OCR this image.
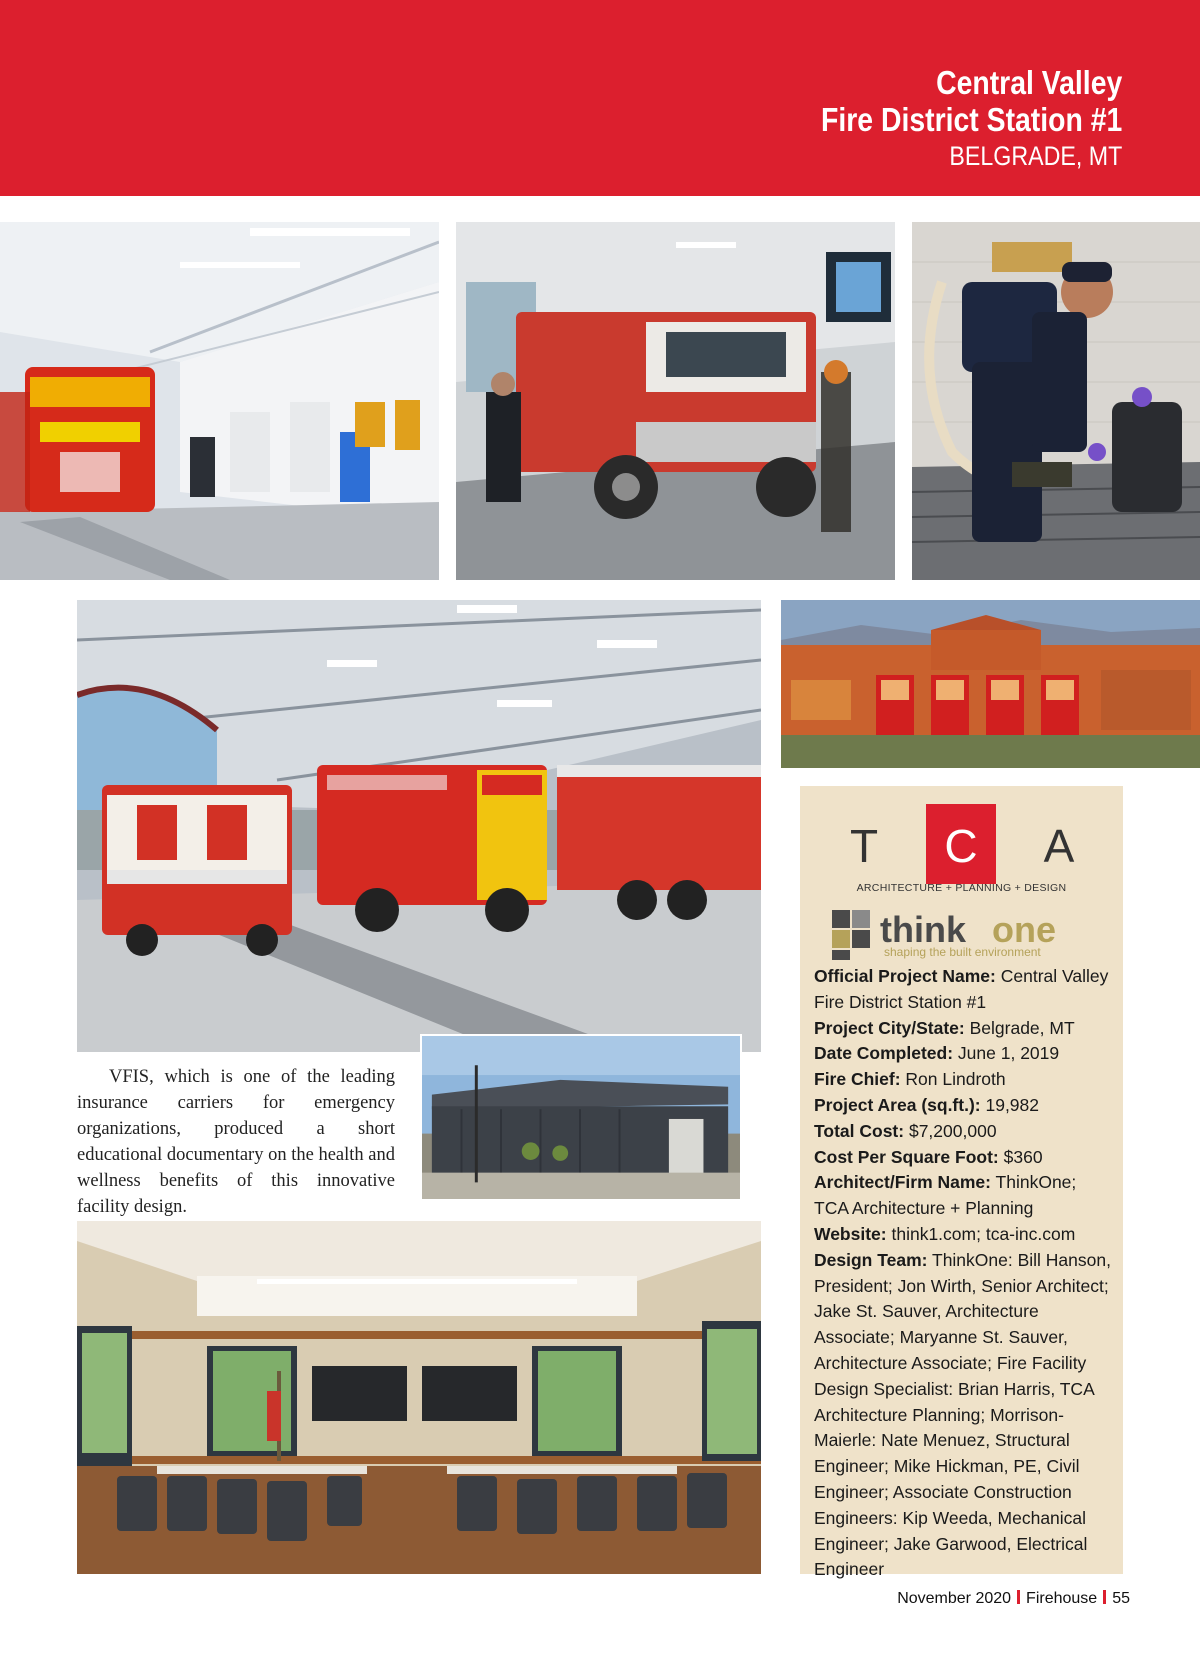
Central Valley
Fire District Station #1
BELGRADE, MT
VFIS, which is one of the leading insurance carriers for emergency organizations, produced a short educational documentary on the health and wellness benefits of this innovative facility design.
T C A
ARCHITECTURE + PLANNING + DESIGN
think one
shaping the built environment

Official Project Name: Central Valley Fire District Station #1

Project City/State: Belgrade, MT

Date Completed: June 1, 2019

Fire Chief: Ron Lindroth

Project Area (sq.ft.): 19,982

Total Cost: $7,200,000

Cost Per Square Foot: $360

Architect/Firm Name: ThinkOne; TCA Architecture + Planning

Website: think1.com; tca-inc.com

Design Team: ThinkOne: Bill Hanson, President; Jon Wirth, Senior Architect; Jake St. Sauver, Architecture Associate; Maryanne St. Sauver, Architecture Associate; Fire Facility Design Specialist: Brian Harris, TCA Architecture Planning; Morrison-Maierle: Nate Menuez, Structural Engineer; Mike Hickman, PE, Civil Engineer; Associate Construction Engineers: Kip Weeda, Mechanical Engineer; Jake Garwood, Electrical Engineer

November 2020 Firehouse 55
